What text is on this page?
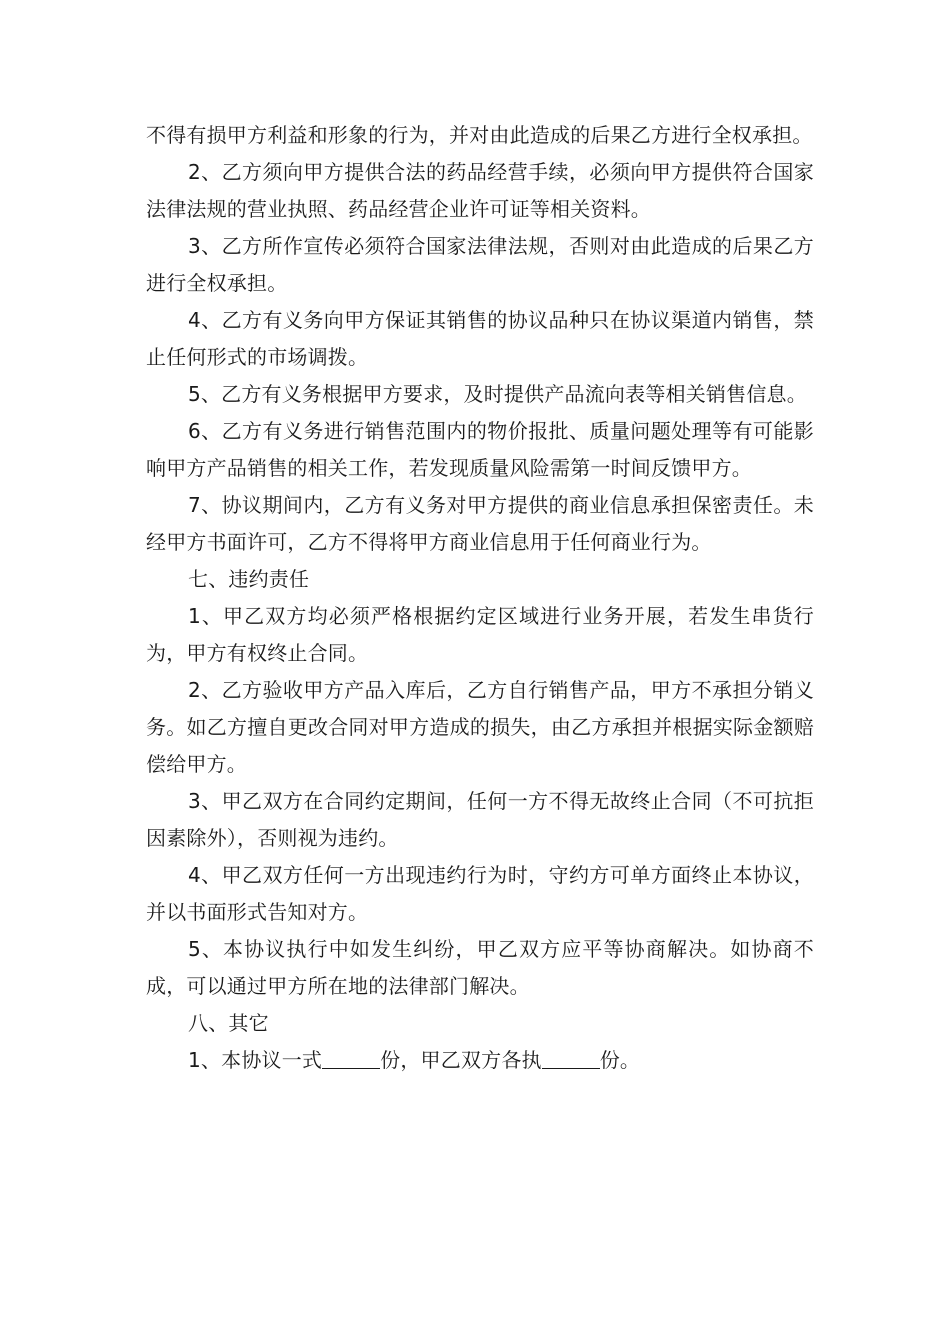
不得有损甲方利益和形象的行为，并对由此造成的后果乙方进行全权承担。

2、乙方须向甲方提供合法的药品经营手续，必须向甲方提供符合国家法律法规的营业执照、药品经营企业许可证等相关资料。

3、乙方所作宣传必须符合国家法律法规，否则对由此造成的后果乙方进行全权承担。

4、乙方有义务向甲方保证其销售的协议品种只在协议渠道内销售，禁止任何形式的市场调拨。

5、乙方有义务根据甲方要求，及时提供产品流向表等相关销售信息。

6、乙方有义务进行销售范围内的物价报批、质量问题处理等有可能影响甲方产品销售的相关工作，若发现质量风险需第一时间反馈甲方。

7、协议期间内，乙方有义务对甲方提供的商业信息承担保密责任。未经甲方书面许可，乙方不得将甲方商业信息用于任何商业行为。

七、违约责任

1、甲乙双方均必须严格根据约定区域进行业务开展，若发生串货行为，甲方有权终止合同。

2、乙方验收甲方产品入库后，乙方自行销售产品，甲方不承担分销义务。如乙方擅自更改合同对甲方造成的损失，由乙方承担并根据实际金额赔偿给甲方。

3、甲乙双方在合同约定期间，任何一方不得无故终止合同（不可抗拒因素除外），否则视为违约。

4、甲乙双方任何一方出现违约行为时，守约方可单方面终止本协议，并以书面形式告知对方。

5、本协议执行中如发生纠纷，甲乙双方应平等协商解决。如协商不成，可以通过甲方所在地的法律部门解决。

八、其它

1、本协议一式	份，甲乙双方各执	份。
